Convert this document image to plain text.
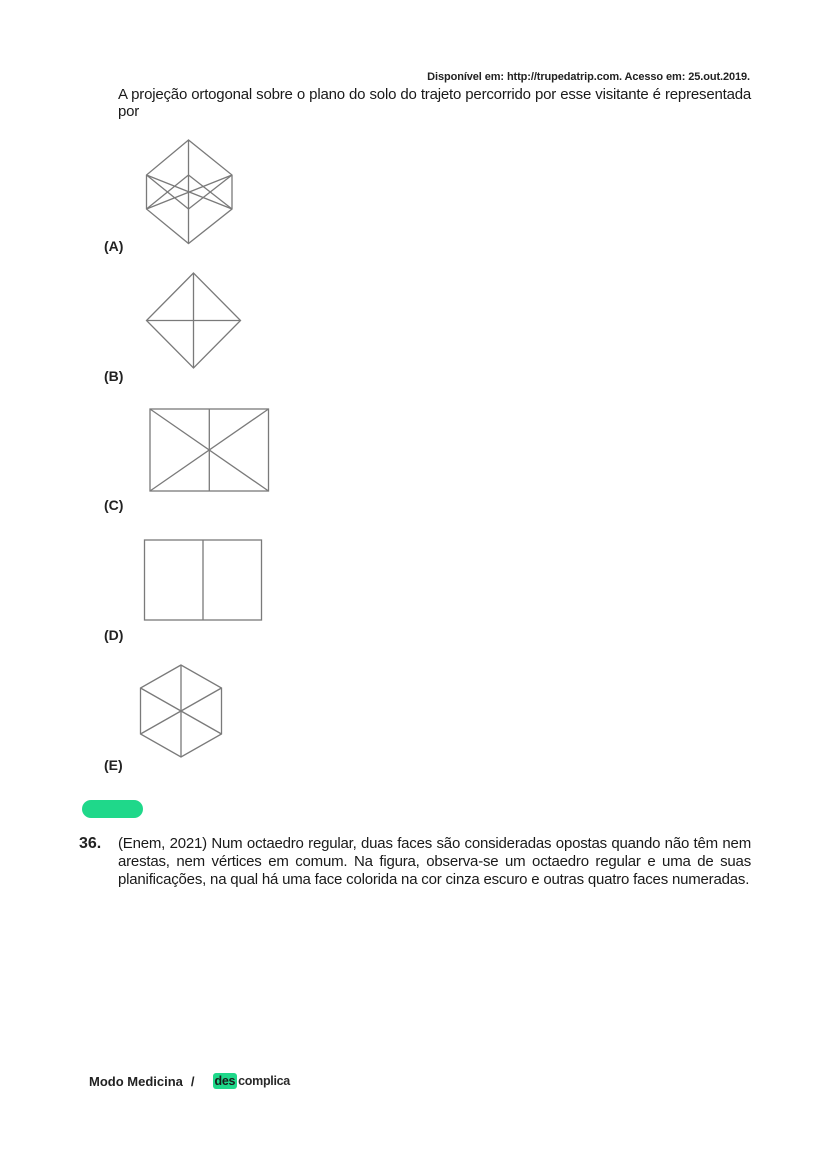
Disponível em: http://trupedatrip.com. Acesso em: 25.out.2019.
A projeção ortogonal sobre o plano do solo do trajeto percorrido por esse visitante é representada por
(A)
(B)
(C)
(D)
(E)
36. (Enem, 2021) Num octaedro regular, duas faces são consideradas opostas quando não têm nem arestas, nem vértices em comum. Na figura, observa-se um octaedro regular e uma de suas planificações, na qual há uma face colorida na cor cinza escuro e outras quatro faces numeradas.
Modo Medicina / des complica
